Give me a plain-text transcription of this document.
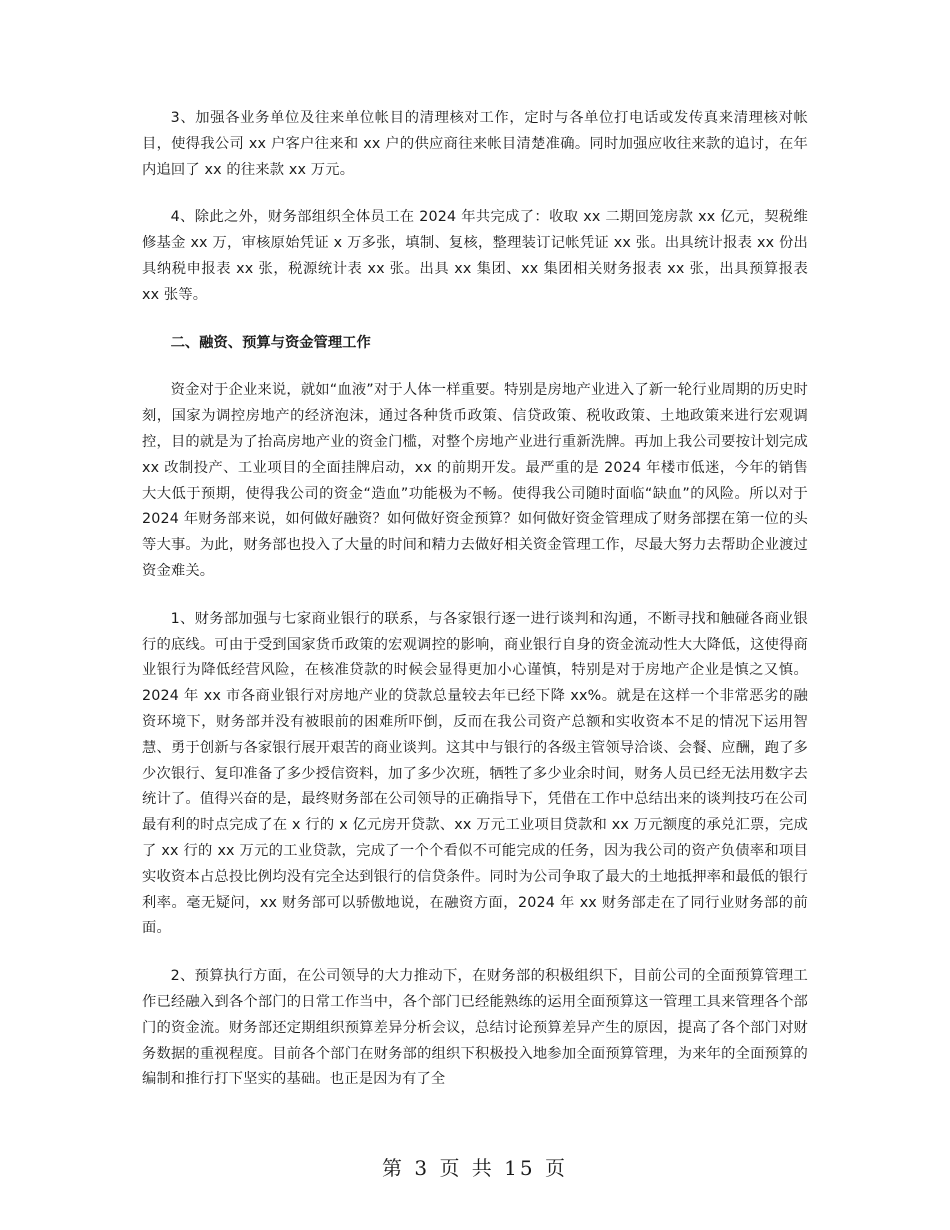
3、加强各业务单位及往来单位帐目的清理核对工作，定时与各单位打电话或发传真来清理核对帐目，使得我公司 xx 户客户往来和 xx 户的供应商往来帐目清楚准确。同时加强应收往来款的追讨，在年内追回了 xx 的往来款 xx 万元。

4、除此之外，财务部组织全体员工在 2024 年共完成了：收取 xx 二期回笼房款 xx 亿元，契税维修基金 xx 万，审核原始凭证 x 万多张，填制、复核，整理装订记帐凭证 xx 张。出具统计报表 xx 份出具纳税申报表 xx 张，税源统计表 xx 张。出具 xx 集团、xx 集团相关财务报表 xx 张，出具预算报表 xx 张等。

二、融资、预算与资金管理工作

资金对于企业来说，就如“血液”对于人体一样重要。特别是房地产业进入了新一轮行业周期的历史时刻，国家为调控房地产的经济泡沫，通过各种货币政策、信贷政策、税收政策、土地政策来进行宏观调控，目的就是为了抬高房地产业的资金门槛，对整个房地产业进行重新洗牌。再加上我公司要按计划完成 xx 改制投产、工业项目的全面挂牌启动，xx 的前期开发。最严重的是 2024 年楼市低迷，今年的销售大大低于预期，使得我公司的资金“造血”功能极为不畅。使得我公司随时面临“缺血”的风险。所以对于 2024 年财务部来说，如何做好融资？如何做好资金预算？如何做好资金管理成了财务部摆在第一位的头等大事。为此，财务部也投入了大量的时间和精力去做好相关资金管理工作，尽最大努力去帮助企业渡过资金难关。

1、财务部加强与七家商业银行的联系，与各家银行逐一进行谈判和沟通，不断寻找和触碰各商业银行的底线。可由于受到国家货币政策的宏观调控的影响，商业银行自身的资金流动性大大降低，这使得商业银行为降低经营风险，在核准贷款的时候会显得更加小心谨慎，特别是对于房地产企业是慎之又慎。2024 年 xx 市各商业银行对房地产业的贷款总量较去年已经下降 xx%。就是在这样一个非常恶劣的融资环境下，财务部并没有被眼前的困难所吓倒，反而在我公司资产总额和实收资本不足的情况下运用智慧、勇于创新与各家银行展开艰苦的商业谈判。这其中与银行的各级主管领导洽谈、会餐、应酬，跑了多少次银行、复印准备了多少授信资料，加了多少次班，牺牲了多少业余时间，财务人员已经无法用数字去统计了。值得兴奋的是，最终财务部在公司领导的正确指导下，凭借在工作中总结出来的谈判技巧在公司最有利的时点完成了在 x 行的 x 亿元房开贷款、xx 万元工业项目贷款和 xx 万元额度的承兑汇票，完成了 xx 行的 xx 万元的工业贷款，完成了一个个看似不可能完成的任务，因为我公司的资产负债率和项目实收资本占总投比例均没有完全达到银行的信贷条件。同时为公司争取了最大的土地抵押率和最低的银行利率。毫无疑问，xx 财务部可以骄傲地说，在融资方面，2024 年 xx 财务部走在了同行业财务部的前面。

2、预算执行方面，在公司领导的大力推动下，在财务部的积极组织下，目前公司的全面预算管理工作已经融入到各个部门的日常工作当中，各个部门已经能熟练的运用全面预算这一管理工具来管理各个部门的资金流。财务部还定期组织预算差异分析会议，总结讨论预算差异产生的原因，提高了各个部门对财务数据的重视程度。目前各个部门在财务部的组织下积极投入地参加全面预算管理，为来年的全面预算的编制和推行打下坚实的基础。也正是因为有了全

第 3 页 共 15 页
